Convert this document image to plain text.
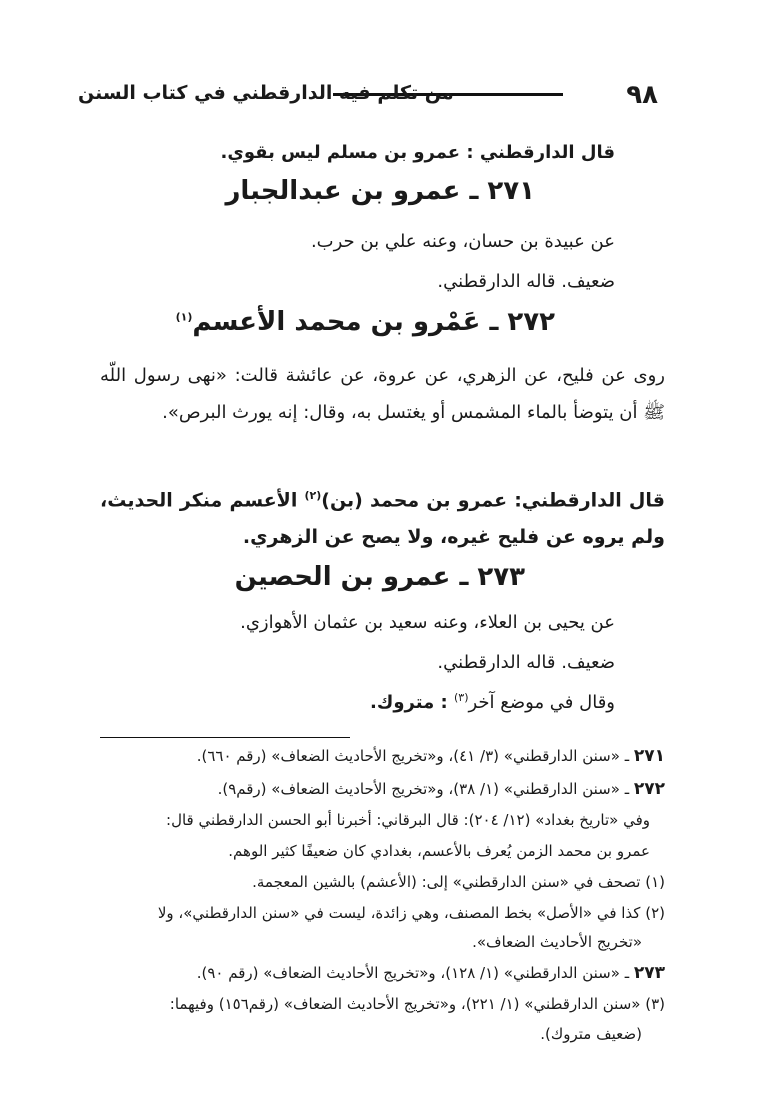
٩٨
من تكلم فيه الدارقطني في كتاب السنن
قال الدارقطني : عمرو بن مسلم ليس بقوي.
٢٧١ ـ عمرو بن عبدالجبار
عن عبيدة بن حسان، وعنه علي بن حرب.
ضعيف. قاله الدارقطني.
٢٧٢ ـ عَمْرو بن محمد الأعسم$^{(١)}$
روى عن فليح، عن الزهري، عن عروة، عن عائشة قالت: «نهى رسول اللّه ﷺ أن يتوضأ بالماء المشمس أو يغتسل به، وقال: إنه يورث البرص».
قال الدارقطني: عمرو بن محمد (بن)$^{(٢)}$ الأعسم منكر الحديث، ولم يروه عن فليح غيره، ولا يصح عن الزهري.
٢٧٣ ـ عمرو بن الحصين
عن يحيى بن العلاء، وعنه سعيد بن عثمان الأهوازي.
ضعيف. قاله الدارقطني.
وقال في موضع آخر$^{(٣)}$ : متروك.
٢٧١ ـ «سنن الدارقطني» (٣/ ٤١)، و«تخريج الأحاديث الضعاف» (رقم ٦٦٠).
٢٧٢ ـ «سنن الدارقطني» (١/ ٣٨)، و«تخريج الأحاديث الضعاف» (رقم٩).
وفي «تاريخ بغداد» (١٢/ ٢٠٤): قال البرقاني: أخبرنا أبو الحسن الدارقطني قال:
عمرو بن محمد الزمن يُعرف بالأعسم، بغدادي كان ضعيفًا كثير الوهم.
(١) تصحف في «سنن الدارقطني» إلى: (الأعشم) بالشين المعجمة.
(٢) كذا في «الأصل» بخط المصنف، وهي زائدة، ليست في «سنن الدارقطني»، ولا
«تخريج الأحاديث الضعاف».
٢٧٣ ـ «سنن الدارقطني» (١/ ١٢٨)، و«تخريج الأحاديث الضعاف» (رقم ٩٠).
(٣) «سنن الدارقطني» (١/ ٢٢١)، و«تخريج الأحاديث الضعاف» (رقم١٥٦) وفيهما:
(ضعيف متروك).
